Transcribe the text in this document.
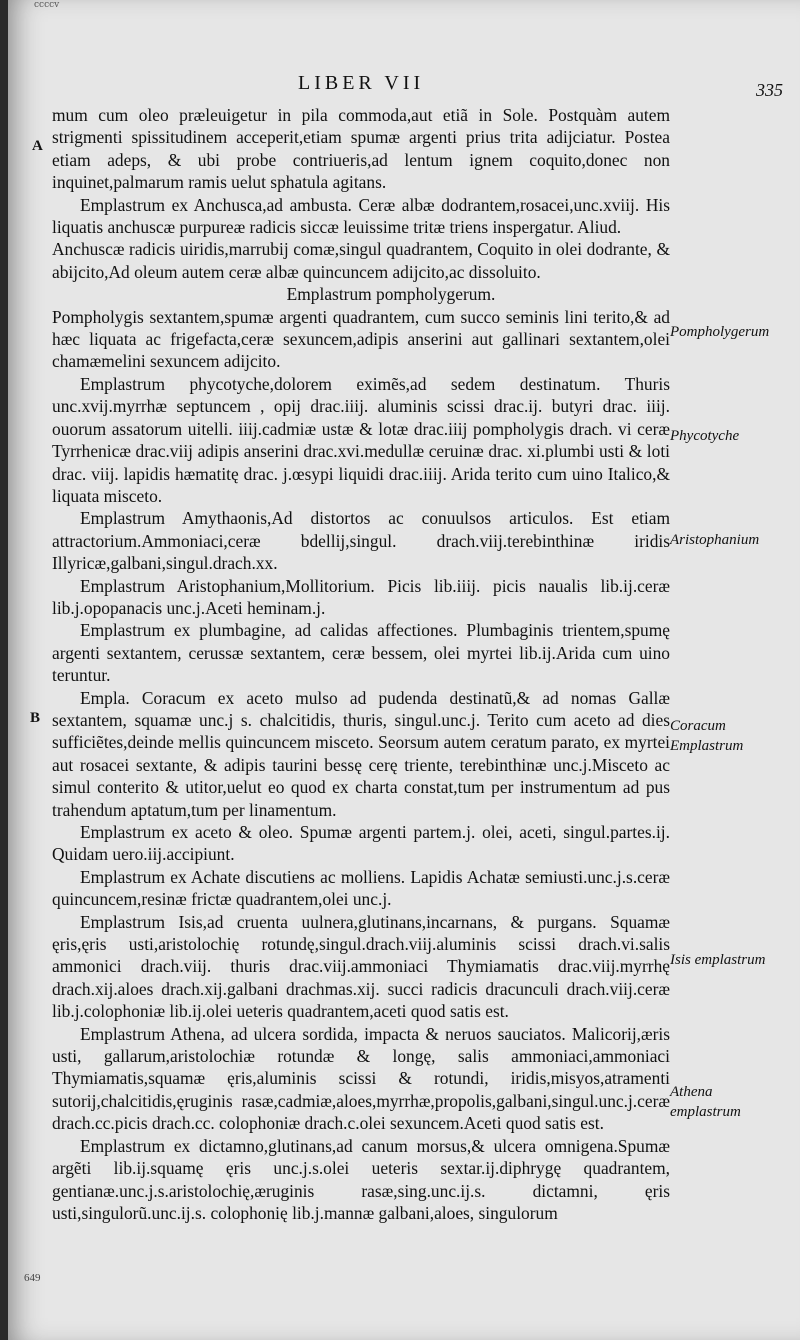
ccccv
LIBER VII	335
A
B
Pompholygerum
Phycotyche
Aristophanium
Coracum Emplastrum
Isis emplastrum
Athena emplastrum

mum cum oleo præleuigetur in pila commoda,aut etiã in Sole. Postquàm autem strigmenti spissitudinem acceperit,etiam spumæ argenti prius trita adijciatur. Postea etiam adeps, & ubi probe contriueris,ad lentum ignem coquito,donec non inquinet,palmarum ramis uelut sphatula agitans.

Emplastrum ex Anchusca,ad ambusta. Ceræ albæ dodrantem,rosacei,unc.xviij. His liquatis anchuscæ purpureæ radicis siccæ leuissime tritæ triens inspergatur. Aliud.

Anchuscæ radicis uiridis,marrubij comæ,singul quadrantem, Coquito in olei dodrante, & abijcito,Ad oleum autem ceræ albæ quincuncem adijcito,ac dissoluito.

Emplastrum pompholygerum.

Pompholygis sextantem,spumæ argenti quadrantem, cum succo seminis lini terito,& ad hæc liquata ac frigefacta,ceræ sexuncem,adipis anserini aut gallinari sextantem,olei chamæmelini sexuncem adijcito.

Emplastrum phycotyche,dolorem eximẽs,ad sedem destinatum. Thuris unc.xvij.myrrhæ septuncem , opij drac.iiij. aluminis scissi drac.ij. butyri drac. iiij. ouorum assatorum uitelli. iiij.cadmiæ ustæ & lotæ drac.iiij pompholygis drach. vi ceræ Tyrrhenicæ drac.viij adipis anserini drac.xvi.medullæ ceruinæ drac. xi.plumbi usti & loti drac. viij. lapidis hæmatitę drac. j.œsypi liquidi drac.iiij. Arida terito cum uino Italico,& liquata misceto.

Emplastrum Amythaonis,Ad distortos ac conuulsos articulos. Est etiam attractorium.Ammoniaci,ceræ bdellij,singul. drach.viij.terebinthinæ iridis Illyricæ,galbani,singul.drach.xx.

Emplastrum Aristophanium,Mollitorium. Picis lib.iiij. picis naualis lib.ij.ceræ lib.j.opopanacis unc.j.Aceti heminam.j.

Emplastrum ex plumbagine, ad calidas affectiones. Plumbaginis trientem,spumę argenti sextantem, cerussæ sextantem, ceræ bessem, olei myrtei lib.ij.Arida cum uino teruntur.

Empla. Coracum ex aceto mulso ad pudenda destinatũ,& ad nomas Gallæ sextantem, squamæ unc.j s. chalcitidis, thuris, singul.unc.j. Terito cum aceto ad dies sufficiẽtes,deinde mellis quincuncem misceto. Seorsum autem ceratum parato, ex myrtei aut rosacei sextante, & adipis taurini bessę cerę triente, terebinthinæ unc.j.Misceto ac simul conterito & utitor,uelut eo quod ex charta constat,tum per instrumentum ad pus trahendum aptatum,tum per linamentum.

Emplastrum ex aceto & oleo. Spumæ argenti partem.j. olei, aceti, singul.partes.ij. Quidam uero.iij.accipiunt.

Emplastrum ex Achate discutiens ac molliens. Lapidis Achatæ semiusti.unc.j.s.ceræ quincuncem,resinæ frictæ quadrantem,olei unc.j.

Emplastrum Isis,ad cruenta uulnera,glutinans,incarnans, & purgans. Squamæ ęris,ęris usti,aristolochię rotundę,singul.drach.viij.aluminis scissi drach.vi.salis ammonici drach.viij. thuris drac.viij.ammoniaci Thymiamatis drac.viij.myrrhę drach.xij.aloes drach.xij.galbani drachmas.xij. succi radicis dracunculi drach.viij.ceræ lib.j.colophoniæ lib.ij.olei ueteris quadrantem,aceti quod satis est.

Emplastrum Athena, ad ulcera sordida, impacta & neruos sauciatos. Malicorij,æris usti, gallarum,aristolochiæ rotundæ & longę, salis ammoniaci,ammoniaci Thymiamatis,squamæ ęris,aluminis scissi & rotundi, iridis,misyos,atramenti sutorij,chalcitidis,ęruginis rasæ,cadmiæ,aloes,myrrhæ,propolis,galbani,singul.unc.j.ceræ drach.cc.picis drach.cc. colophoniæ drach.c.olei sexuncem.Aceti quod satis est.

Emplastrum ex dictamno,glutinans,ad canum morsus,& ulcera omnigena.Spumæ argẽti lib.ij.squamę ęris unc.j.s.olei ueteris sextar.ij.diphrygę quadrantem, gentianæ.unc.j.s.aristolochię,æruginis rasæ,sing.unc.ij.s. dictamni, ęris usti,singulorũ.unc.ij.s. colophonię lib.j.mannæ galbani,aloes, singulorum

649
